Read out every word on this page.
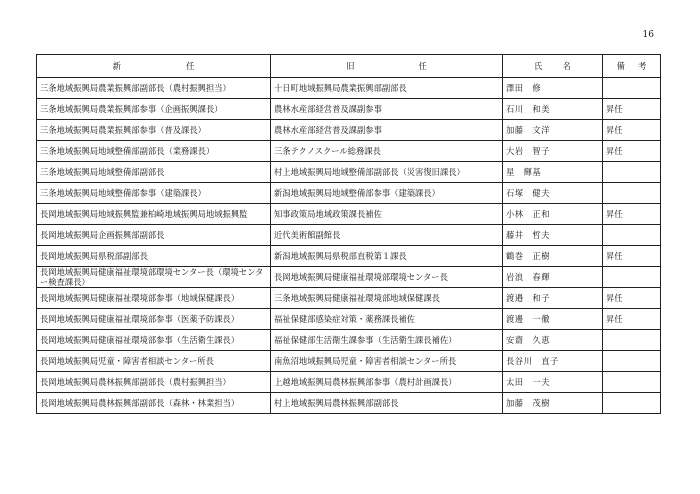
16
新 任	旧 任	氏 名	備 考

三条地域振興局農業振興部副部長（農村振興担当）	十日町地域振興局農業振興部副部長	澤田　修	
三条地域振興局農業振興部参事（企画振興課長）	農林水産部経営普及課副参事	石川　和美	昇任
三条地域振興局農業振興部参事（普及課長）	農林水産部経営普及課副参事	加藤　文洋	昇任
三条地域振興局地域整備部副部長（業務課長）	三条テクノスクール総務課長	大岩　智子	昇任
三条地域振興局地域整備部副部長	村上地域振興局地域整備部副部長（災害復旧課長）	星　輝基	
三条地域振興局地域整備部参事（建築課長）	新潟地域振興局地域整備部参事（建築課長）	石塚　健夫	
長岡地域振興局地域振興監兼柏崎地域振興局地域振興監	知事政策局地域政策課長補佐	小林　正和	昇任
長岡地域振興局企画振興部副部長	近代美術館副館長	藤井　哲夫	
長岡地域振興局県税部副部長	新潟地域振興局県税部直税第１課長	鶴巻　正樹	昇任
長岡地域振興局健康福祉環境部環境センター長（環境センター検査課長）	長岡地域振興局健康福祉環境部環境センター長	岩浪　春輝	
長岡地域振興局健康福祉環境部参事（地域保健課長）	三条地域振興局健康福祉環境部地域保健課長	渡邉　和子	昇任
長岡地域振興局健康福祉環境部参事（医薬予防課長）	福祉保健部感染症対策・薬務課長補佐	渡邊　一徹	昇任
長岡地域振興局健康福祉環境部参事（生活衛生課長）	福祉保健部生活衛生課参事（生活衛生課長補佐）	安齋　久恵	
長岡地域振興局児童・障害者相談センター所長	南魚沼地域振興局児童・障害者相談センター所長	長谷川　直子	
長岡地域振興局農林振興部副部長（農村振興担当）	上越地域振興局農林振興部参事（農村計画課長）	太田　一夫	
長岡地域振興局農林振興部副部長（森林・林業担当）	村上地域振興局農林振興部副部長	加藤　茂樹	
